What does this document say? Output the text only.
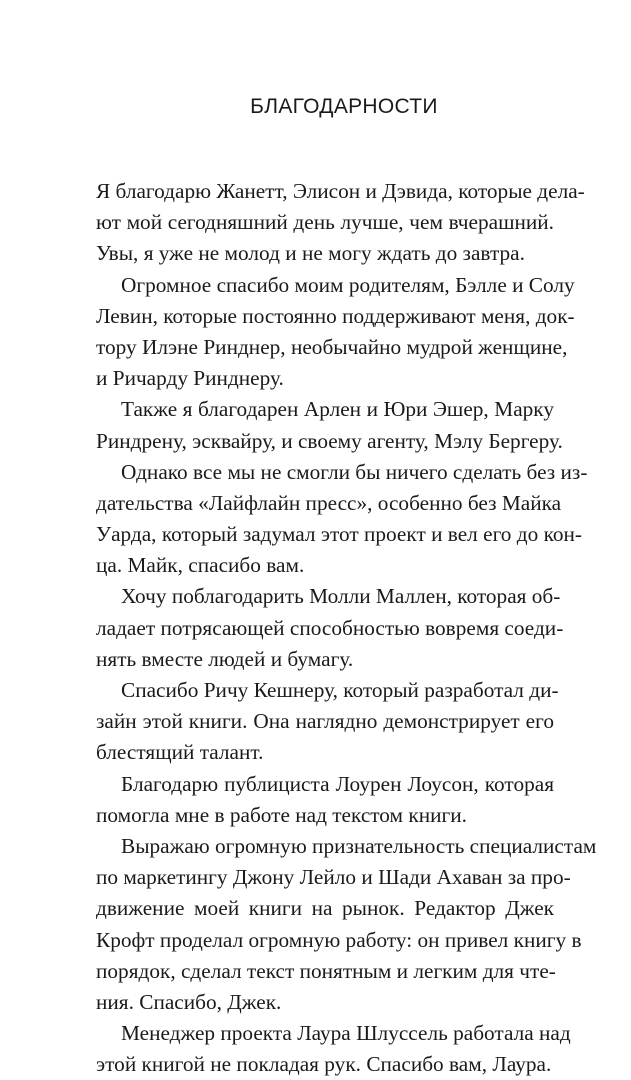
БЛАГОДАРНОСТИ
Я благодарю Жанетт, Элисон и Дэвида, которые дела-
ют мой сегодняшний день лучше, чем вчерашний.
Увы, я уже не молод и не могу ждать до завтра.
Огромное спасибо моим родителям, Бэлле и Солу
Левин, которые постоянно поддерживают меня, док-
тору Илэне Ринднер, необычайно мудрой женщине,
и Ричарду Ринднеру.
Также я благодарен Арлен и Юри Эшер, Марку
Риндрену, эсквайру, и своему агенту, Мэлу Бергеру.
Однако все мы не смогли бы ничего сделать без из-
дательства «Лайфлайн пресс», особенно без Майка
Уарда, который задумал этот проект и вел его до кон-
ца. Майк, спасибо вам.
Хочу поблагодарить Молли Маллен, которая об-
ладает потрясающей способностью вовремя соеди-
нять вместе людей и бумагу.
Спасибо Ричу Кешнеру, который разработал ди-
зайн этой книги. Она наглядно демонстрирует его
блестящий талант.
Благодарю публициста Лоурен Лоусон, которая
помогла мне в работе над текстом книги.
Выражаю огромную признательность специалистам
по маркетингу Джону Лейло и Шади Ахаван за про-
движение моей книги на рынок. Редактор Джек
Крофт проделал огромную работу: он привел книгу в
порядок, сделал текст понятным и легким для чте-
ния. Спасибо, Джек.
Менеджер проекта Лаура Шлуссель работала над
этой книгой не покладая рук. Спасибо вам, Лаура.
